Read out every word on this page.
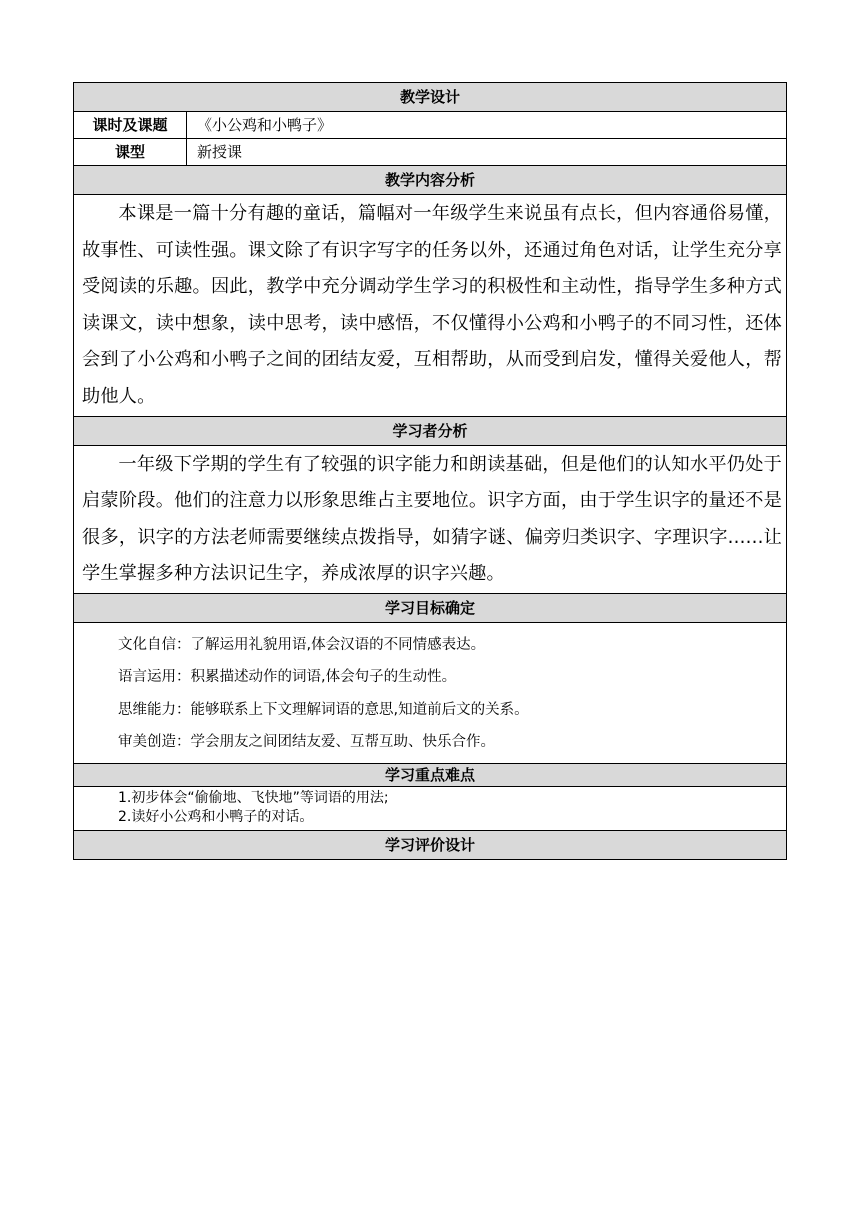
教学设计	
课时及课题	《小公鸡和小鸭子》
课型	新授课
教学内容分析	
本课是一篇十分有趣的童话，篇幅对一年级学生来说虽有点长，但内容通俗易懂，故事性、可读性强。课文除了有识字写字的任务以外，还通过角色对话，让学生充分享受阅读的乐趣。因此，教学中充分调动学生学习的积极性和主动性，指导学生多种方式读课文，读中想象，读中思考，读中感悟，不仅懂得小公鸡和小鸭子的不同习性，还体会到了小公鸡和小鸭子之间的团结友爱，互相帮助，从而受到启发，懂得关爱他人，帮助他人。	
学习者分析	
一年级下学期的学生有了较强的识字能力和朗读基础，但是他们的认知水平仍处于启蒙阶段。他们的注意力以形象思维占主要地位。识字方面，由于学生识字的量还不是很多，识字的方法老师需要继续点拨指导，如猜字谜、偏旁归类识字、字理识字......让学生掌握多种方法识记生字，养成浓厚的识字兴趣。	
学习目标确定	

文化自信：了解运用礼貌用语,体会汉语的不同情感表达。
语言运用：积累描述动作的词语,体会句子的生动性。
思维能力：能够联系上下文理解词语的意思,知道前后文的关系。
审美创造：学会朋友之间团结友爱、互帮互助、快乐合作。	

学习重点难点	

1.初步体会“偷偷地、飞快地”等词语的用法;
2.读好小公鸡和小鸭子的对话。	

学习评价设计	
